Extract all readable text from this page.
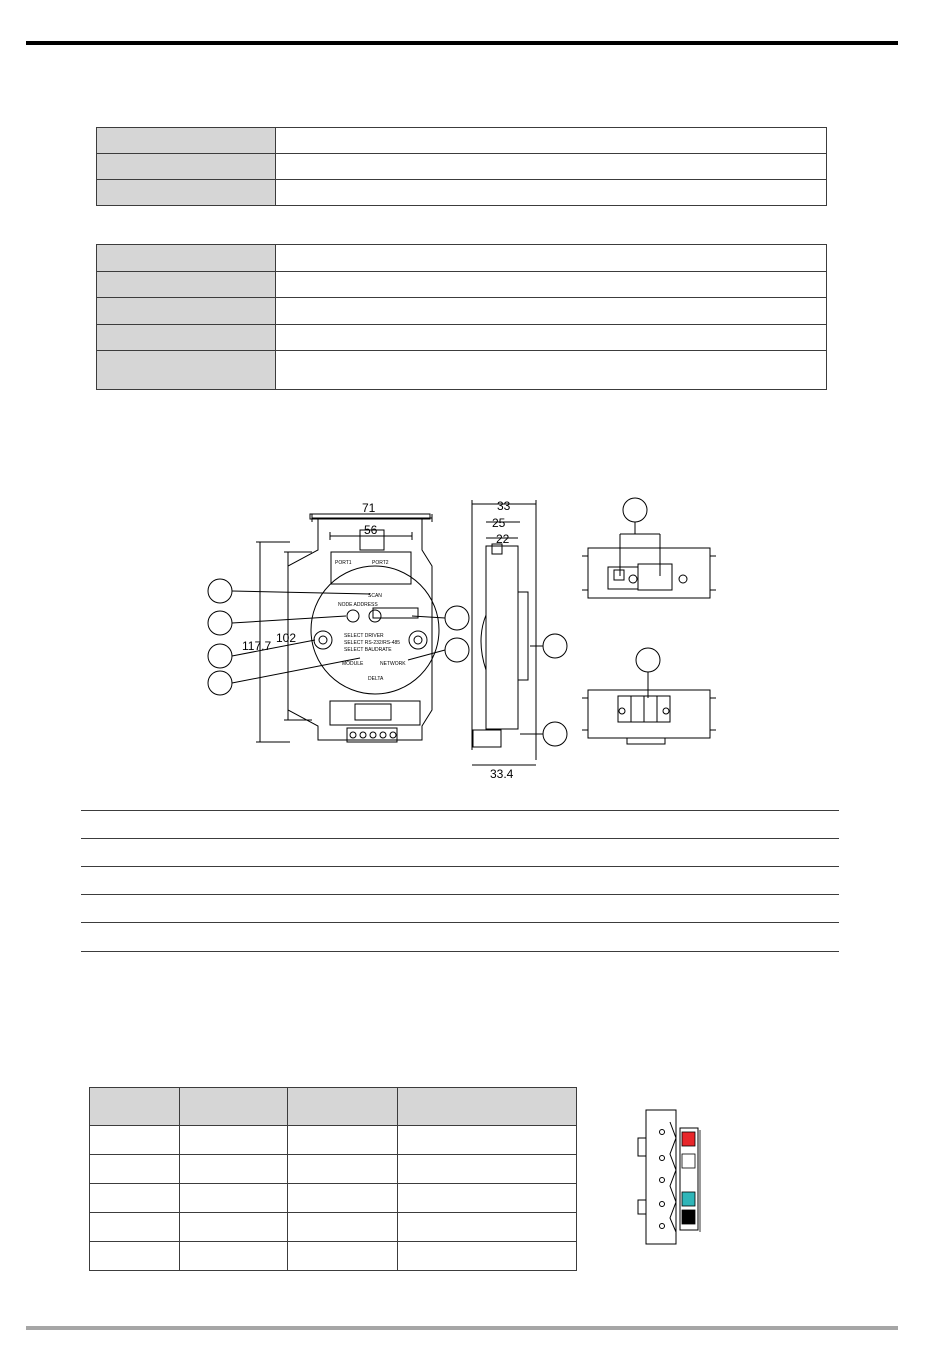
71
56
117.7
102
33
25
22
33.4
PORT1	PORT2
SCAN
NODE ADDRESS
SELECT DRIVER
SELECT RS-232/RS-485
SELECT BAUDRATE
MODULE	NETWORK
DELTA
